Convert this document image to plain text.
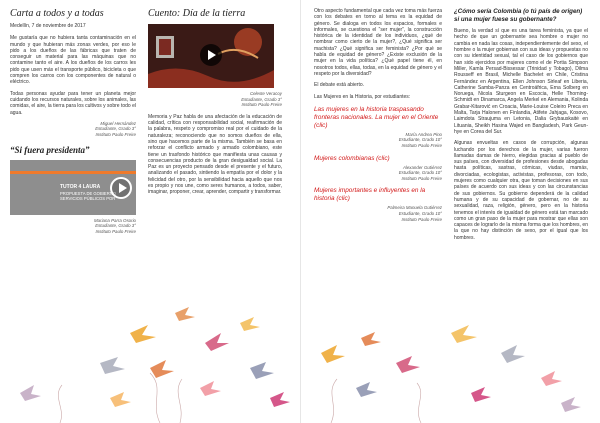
Carta a todos y a todas
Medellín, 7 de noviembre de 2017

Me gustaría que no hubiera tanta contaminación en el mundo y que hubieran más zonas verdes, por eso le pido a los dueños de las fábricas que traten de conseguir un material para las máquinas que no contamine tanto el aire. A los dueños de los carros les pido que usen más el transporte público, bicicleta o que compren los carros con los componentes de natural o eléctrico.

Todas personas ayudar para tener un planeta mejor cuidando los recursos naturales, sobre los animales, las comidas, el aire, la tierra para los cultivos y sobre todo el agua.

Miguel Hernández
Estudiante, Grado 3°
Instituto Paulo Freire
“Si fuera presidenta”
TUTOR 4 LAURA
PROPUESTA DE GOBIERNO SERVICIOS PÚBLICOS POR
Mariana Parra Osorio
Estudiante, Grado 3°
Instituto Paulo Freire
Cuento: Día de la tierra
Celeste Veracoy
Estudiante, Grado 3°
Instituto Paulo Freire

Memoria y Paz habla de una afectación de la educación de calidad, crítica con responsabilidad social, reafirmación de la palabra, respeto y compromiso real por el cuidado de la naturaleza; reconociendo que no somos dueños de ella, sino que hacemos parte de la misma. También se basa en reforzar el conflicto armado y armado colombiano, este tiene un trasfondo histórico que manifiesta unas causas y consecuencias producto de la gran desigualdad social. La Paz es un proyecto pensado desde el presente y el futuro, analizando el pasado, sintiendo la empatía por el dolor y la felicidad del otro, por la sensibilidad hacia aquello que nos es propio y nos une, como seres humanos, a todos, saber, imaginar, proponer, crear, aprender, compartir y transformar.

Otro aspecto fundamental que cada vez toma más fuerza con los debates en torno al tema es la equidad de género. Se dialoga en todos los espacios, formales e informales, se cuestiona el “ser mujer”, la construcción histórica de la identidad de los individuos, ¿qué de nombrar como cierto de la mujer?, ¿Qué significa ser machista? ¿Qué significa ser feminista? ¿Por qué se habla de equidad de género? ¿Existe exclusión de la mujer en la vida política? ¿Qué papel tiene él, en nosotros todos, ellas, todas, en la equidad de género y el respeto por la diversidad?

El debate está abierto.

Las Mujeres en la Historia, por estudiantes:

Las mujeres en la historia traspasando fronteras nacionales. La mujer en el Oriente (clic)
María Andrea Pino
Estudiante, Grado 10°
Instituto Paulo Freire
Mujeres colombianas (clic)
Alexander Gutiérrez
Estudiante, Grado 10°
Instituto Paulo Freire
Mujeres importantes e influyentes en la historia (clic)
Palmeira Manuela Gutiérrez
Estudiante, Grado 10°
Instituto Paulo Freire
¿Cómo sería Colombia (o tú país de origen) si una mujer fuese su gobernante?

Bueno, la verdad sí que es una tarea feminista, ya que el hecho de que un gobernante sea hombre o mujer no cambia en nada las cosas, independientemente del sexo, el hombre o la mujer gobiernan con sus ideas y propuestas no con su identidad sexual, tal el caso de los gobiernos que han sido ejercidos por mujeres como el de Portia Simpson Miller, Kamla Persad-Bissessar (Trinidad y Tobago), Dilma Rousseff en Brasil, Michelle Bachelet en Chile, Cristina Fernández en Argentina, Ellen Johnson Sirleaf en Liberia, Catherine Samba-Panza en Centroáfrica, Erna Solberg en Noruega, Nicola Sturgeon en Escocia, Helle Thorning-Schmidt en Dinamarca, Angela Merkel en Alemania, Kolinda Grabar-Kitarović en Croacia, Marie-Louise Coleiro Preca en Malta, Tarja Halonen en Finlandia, Atifete Jahjaga, Kosovo, Laimdota Straujuma en Letonia, Dalia Grybauskaitė en Lituania, Sheikh Hasina Wajed en Bangladesh, Park Geun-hye en Corea del Sur.

Algunas envueltas en casos de corrupción, algunas luchando por los derechos de la mujer, varias fueron llamadas damas de hierro, elegidas gracias al pueblo de sus países, con diversidad de profesiones desde abogadas hasta políticas, sastras, cómicas, viudas, mamás, divorciadas, ecologistas, activistas, profesoras, con todo, mujeres como cualquier otra, que toman decisiones en sus países de acuerdo con sus ideas y con las circunstancias de sus gobiernos. Su gobierno dependerá de la calidad humana y de su capacidad de gobernar, no de su sexualidad, raza, religión, género, pero en la historia tenemos el interés de igualdad de género está tan marcado como un gran paso de la mujer para mostrar que ellas son capaces de lograrlo de la misma forma que los hombres, en la que no hay distinción de sexo, por el igual que los hombres.
